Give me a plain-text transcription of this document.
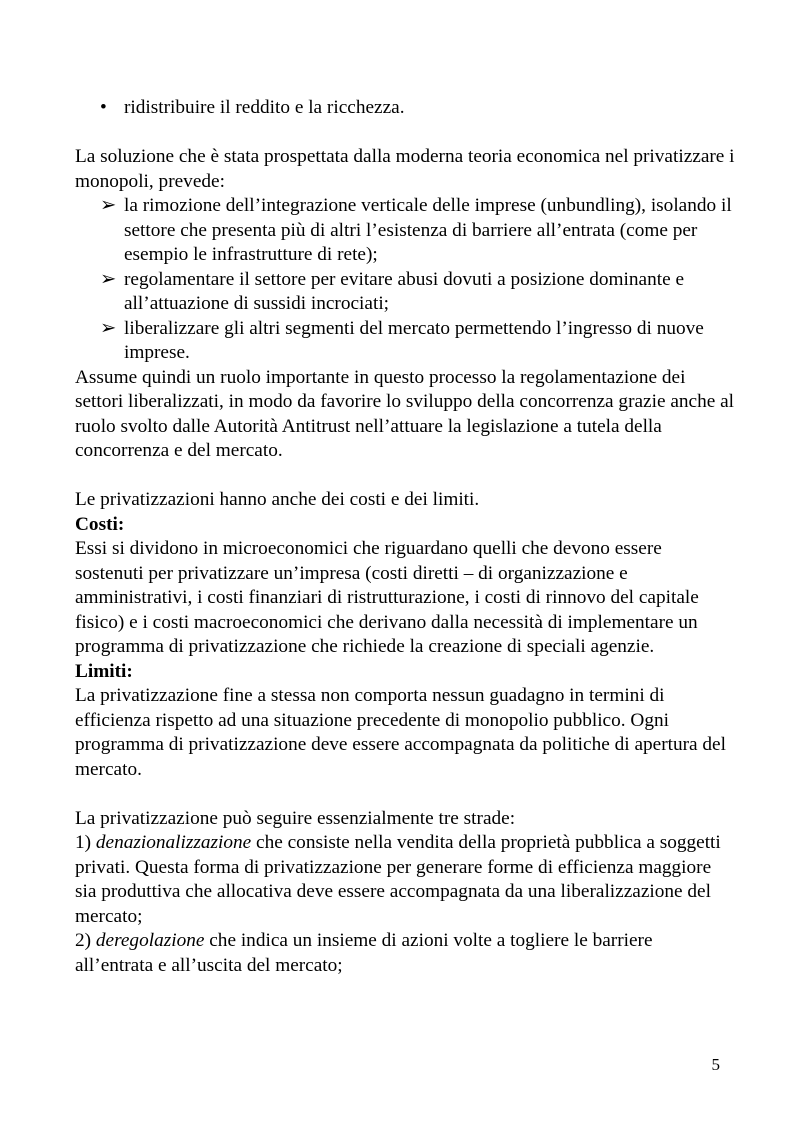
• ridistribuire il reddito e la ricchezza.

La soluzione che è stata prospettata dalla moderna teoria economica nel privatizzare i monopoli, prevede:

➢ la rimozione dell’integrazione verticale delle imprese (unbundling), isolando il settore che presenta più di altri l’esistenza di barriere all’entrata (come per esempio le infrastrutture di rete);
➢ regolamentare il settore per evitare abusi dovuti a posizione dominante e all’attuazione di sussidi incrociati;
➢ liberalizzare gli altri segmenti del mercato permettendo l’ingresso di nuove imprese.

Assume quindi un ruolo importante in questo processo la regolamentazione dei settori liberalizzati, in modo da favorire lo sviluppo della concorrenza grazie anche al ruolo svolto dalle Autorità Antitrust nell’attuare la legislazione a tutela della concorrenza e del mercato.

Le privatizzazioni hanno anche dei costi e dei limiti.

Costi:

Essi si dividono in microeconomici che riguardano quelli che devono essere sostenuti per privatizzare un’impresa (costi diretti – di organizzazione e amministrativi, i costi finanziari di ristrutturazione, i costi di rinnovo del capitale fisico) e i costi macroeconomici che derivano dalla necessità di implementare un programma di privatizzazione che richiede la creazione di speciali agenzie.

Limiti:

La privatizzazione fine a stessa non comporta nessun guadagno in termini di efficienza rispetto ad una situazione precedente di monopolio pubblico. Ogni programma di privatizzazione deve essere accompagnata da politiche di apertura del mercato.

La privatizzazione può seguire essenzialmente tre strade:

1) denazionalizzazione che consiste nella vendita della proprietà pubblica a soggetti privati. Questa forma di privatizzazione per generare forme di efficienza maggiore sia produttiva che allocativa deve essere accompagnata da una liberalizzazione del mercato;

2) deregolazione che indica un insieme di azioni volte a togliere le barriere all’entrata e all’uscita del mercato;

5
